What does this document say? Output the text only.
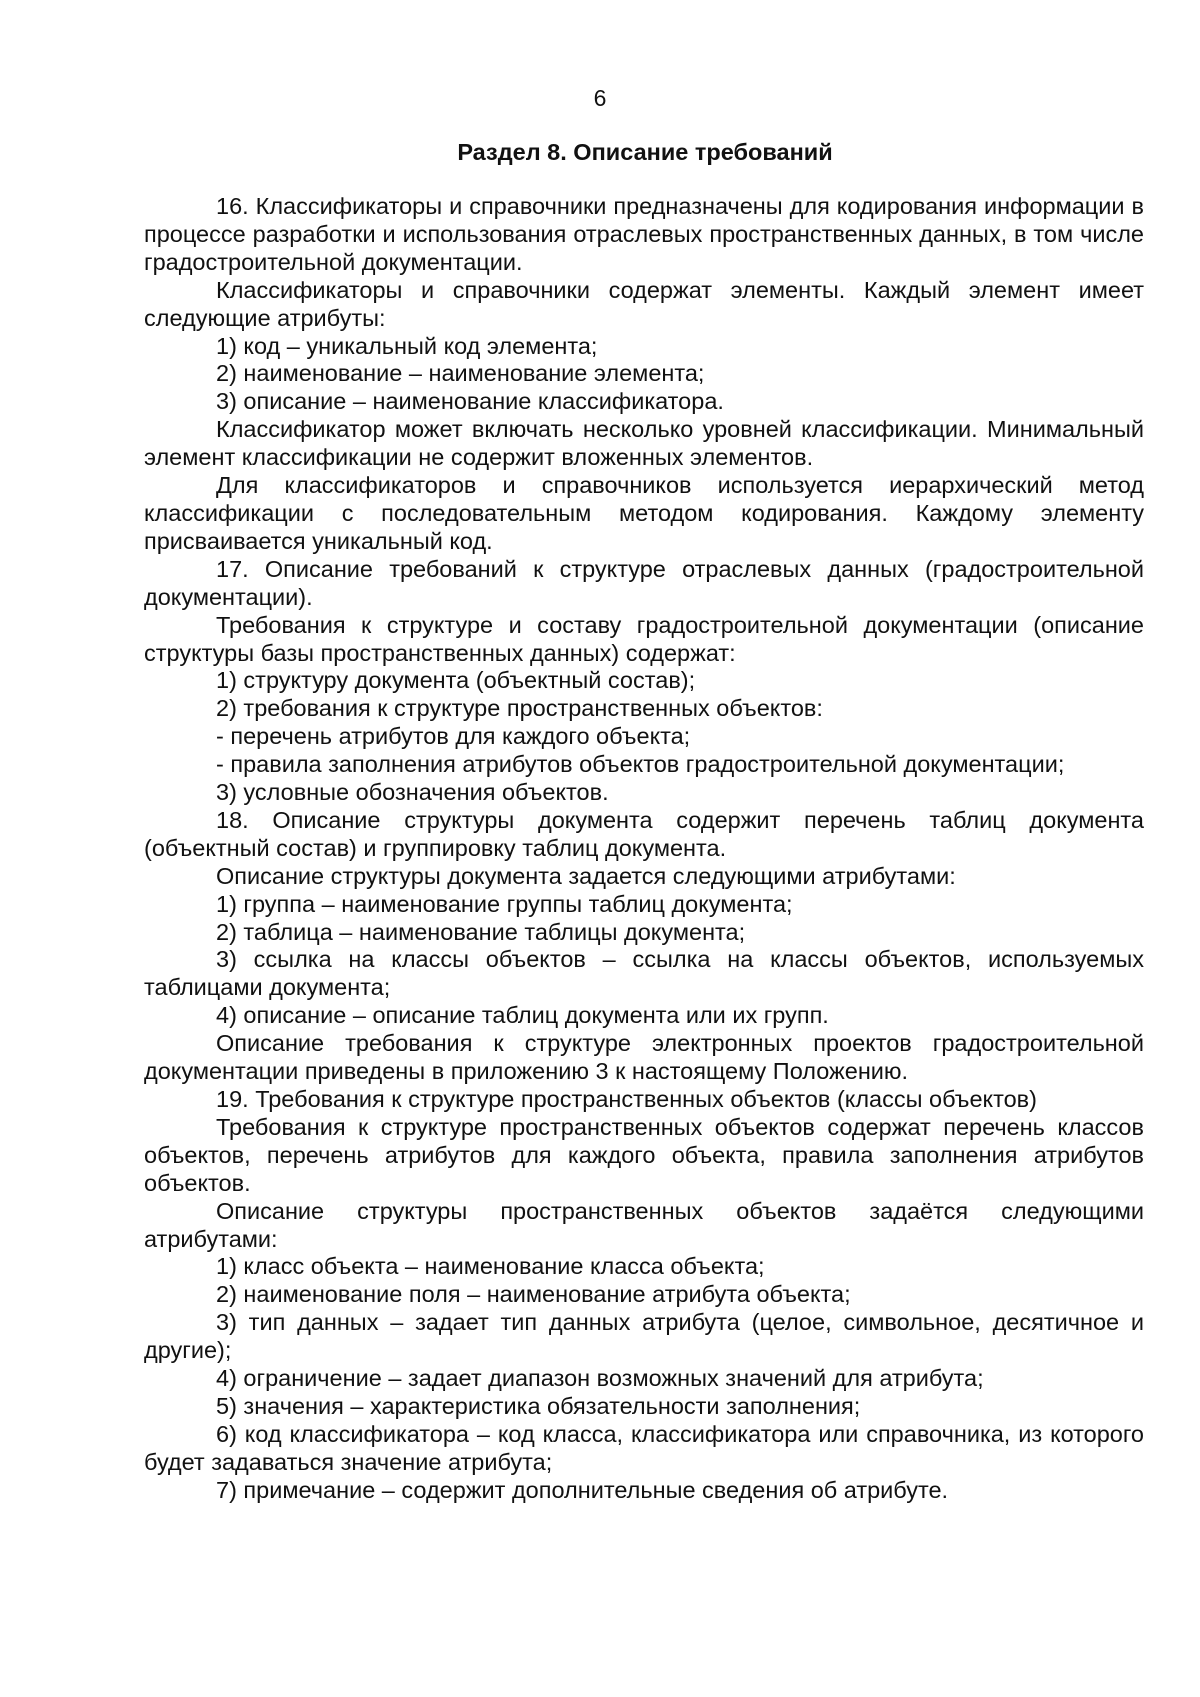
6
Раздел 8. Описание требований

16. Классификаторы и справочники предназначены для кодирования информации в процессе разработки и использования отраслевых пространственных данных, в том числе градостроительной документации.

Классификаторы и справочники содержат элементы. Каждый элемент имеет следующие атрибуты:

1) код – уникальный код элемента;

2) наименование – наименование элемента;

3) описание – наименование классификатора.

Классификатор может включать несколько уровней классификации. Минимальный элемент классификации не содержит вложенных элементов.

Для классификаторов и справочников используется иерархический метод классификации с последовательным методом кодирования. Каждому элементу присваивается уникальный код.

17. Описание требований к структуре отраслевых данных (градостроительной документации).

Требования к структуре и составу градостроительной документации (описание структуры базы пространственных данных) содержат:

1) структуру документа (объектный состав);

2) требования к структуре пространственных объектов:

- перечень атрибутов для каждого объекта;

- правила заполнения атрибутов объектов градостроительной документации;

3) условные обозначения объектов.

18. Описание структуры документа содержит перечень таблиц документа (объектный состав) и группировку таблиц документа.

Описание структуры документа задается следующими атрибутами:

1) группа – наименование группы таблиц документа;

2) таблица – наименование таблицы документа;

3) ссылка на классы объектов – ссылка на классы объектов, используемых таблицами документа;

4) описание – описание таблиц документа или их групп.

Описание требования к структуре электронных проектов градостроительной документации приведены в приложению 3 к настоящему Положению.

19. Требования к структуре пространственных объектов (классы объектов)

Требования к структуре пространственных объектов содержат перечень классов объектов, перечень атрибутов для каждого объекта, правила заполнения атрибутов объектов.

Описание структуры пространственных объектов задаётся следующими атрибутами:

1) класс объекта – наименование класса объекта;

2) наименование поля – наименование атрибута объекта;

3) тип данных – задает тип данных атрибута (целое, символьное, десятичное и другие);

4) ограничение – задает диапазон возможных значений для атрибута;

5) значения – характеристика обязательности заполнения;

6) код классификатора – код класса, классификатора или справочника, из которого будет задаваться значение атрибута;

7) примечание – содержит дополнительные сведения об атрибуте.
